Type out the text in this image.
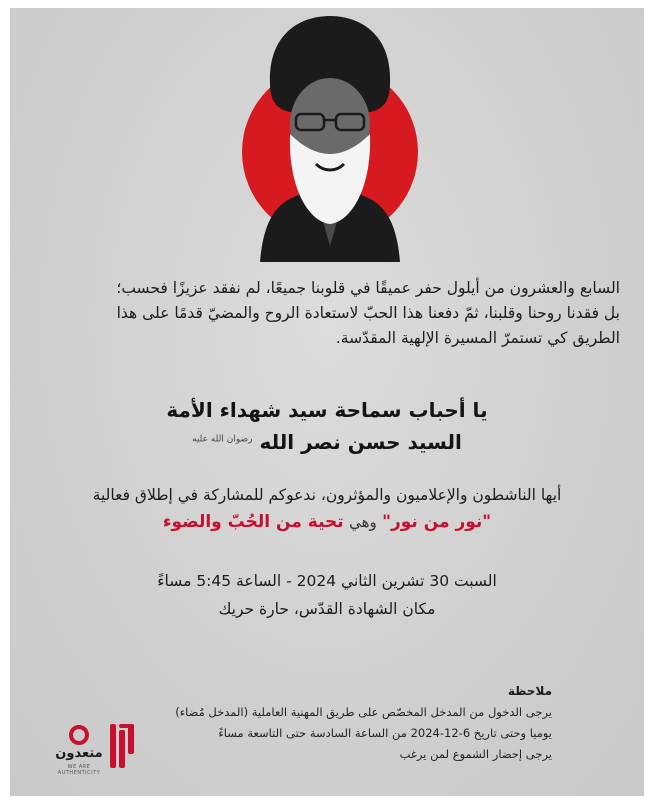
السابع والعشرون من أيلول حفر عميقًا في قلوبنا جميعًا، لم نفقد عزيزًا فحسب؛
بل فقدنا روحنا وقلبنا، ثمّ دفعنا هذا الحبّ لاستعادة الروح والمضيّ قدمًا على هذا
الطريق كي تستمرّ المسيرة الإلهية المقدّسة.
يا أحباب سماحة سيد شهداء الأمة
السيد حسن نصر الله $^{رضوان الله عليه}$
أيها الناشطون والإعلاميون والمؤثرون، ندعوكم للمشاركة في إطلاق فعالية
"نور من نور" وهي تحية من الحُبّ والضوء
السبت 30 تشرين الثاني 2024 - الساعة 5:45 مساءً
مكان الشهادة القدّس، حارة حريك
ملاحظة
يرجى الدخول من المدخل المخصّص على طريق المهنية العاملية (المدخل مُضاء)
يوميا وحتى تاريخ 6-12-2024 من الساعة السادسة حتى التاسعة مساءً
يرجى إحضار الشموع لمن يرغب
متعدون
WE ARE AUTHENTICITY
